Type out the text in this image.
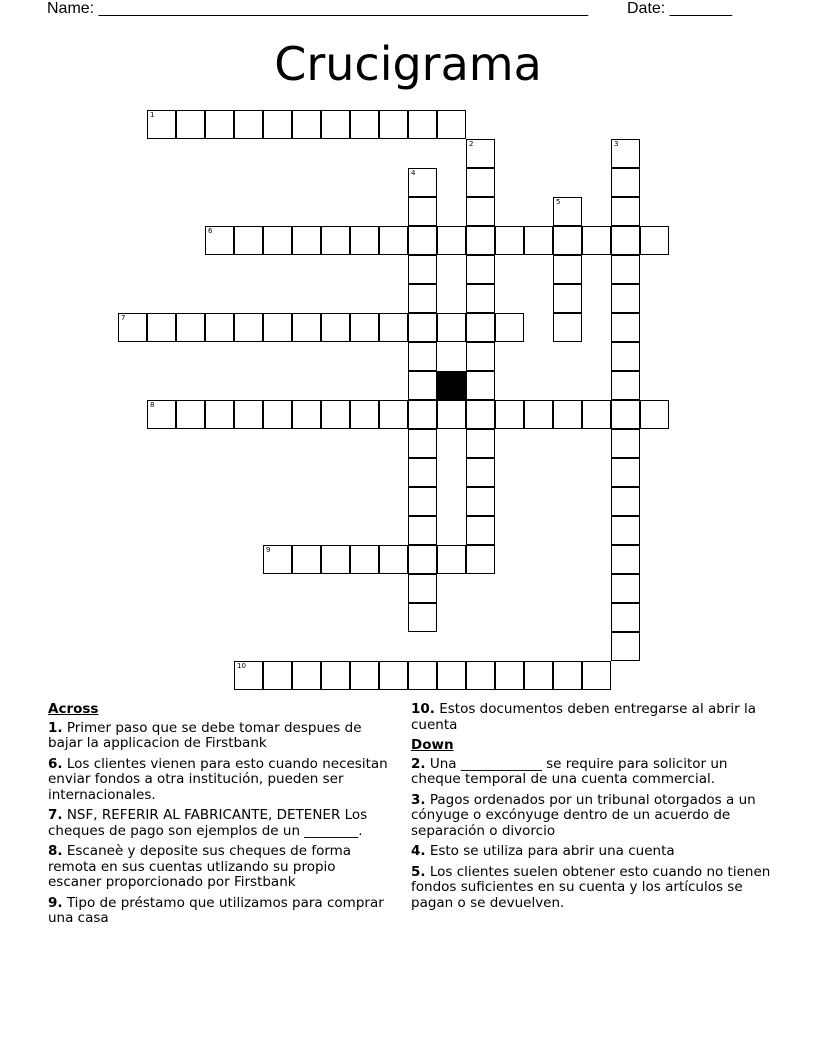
Name: _______________________________________________________ Date: _______
Crucigrama
1
2	3
4
5
6
7
8
9
10
Across
1. Primer paso que se debe tomar despues de bajar la applicacion de Firstbank
6. Los clientes vienen para esto cuando necesitan enviar fondos a otra institución, pueden ser internacionales.
7. NSF, REFERIR AL FABRICANTE, DETENER Los cheques de pago son ejemplos de un ________.
8. Escaneè y deposite sus cheques de forma remota en sus cuentas utlizando su propio escaner proporcionado por Firstbank
9. Tipo de préstamo que utilizamos para comprar una casa
10. Estos documentos deben entregarse al abrir la cuenta
Down
2. Una ____________ se require para solicitor un cheque temporal de una cuenta commercial.
3. Pagos ordenados por un tribunal otorgados a un cónyuge o excónyuge dentro de un acuerdo de separación o divorcio
4. Esto se utiliza para abrir una cuenta
5. Los clientes suelen obtener esto cuando no tienen fondos suficientes en su cuenta y los artículos se pagan o se devuelven.
